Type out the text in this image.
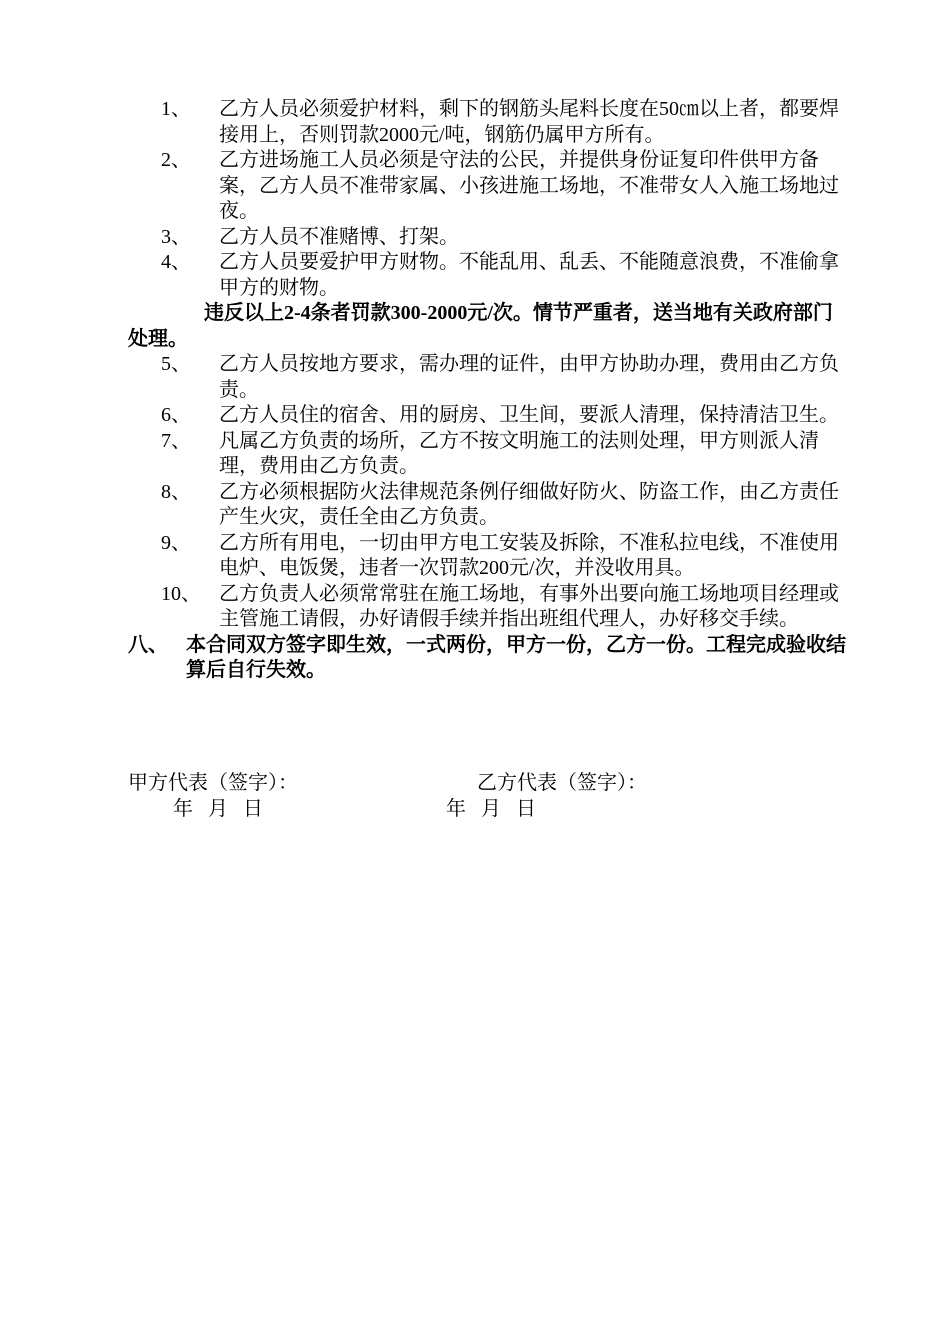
1、 乙方人员必须爱护材料，剩下的钢筋头尾料长度在50㎝以上者，都要焊接用上，否则罚款2000元/吨，钢筋仍属甲方所有。
2、 乙方进场施工人员必须是守法的公民，并提供身份证复印件供甲方备案，乙方人员不准带家属、小孩进施工场地，不准带女人入施工场地过夜。
3、 乙方人员不准赌博、打架。
4、 乙方人员要爱护甲方财物。不能乱用、乱丢、不能随意浪费，不准偷拿甲方的财物。

违反以上2-4条者罚款300-2000元/次。情节严重者，送当地有关政府部门处理。

5、 乙方人员按地方要求，需办理的证件，由甲方协助办理，费用由乙方负责。
6、 乙方人员住的宿舍、用的厨房、卫生间，要派人清理，保持清洁卫生。
7、 凡属乙方负责的场所，乙方不按文明施工的法则处理，甲方则派人清理，费用由乙方负责。
8、 乙方必须根据防火法律规范条例仔细做好防火、防盗工作，由乙方责任产生火灾，责任全由乙方负责。
9、 乙方所有用电，一切由甲方电工安装及拆除，不准私拉电线，不准使用电炉、电饭煲，违者一次罚款200元/次，并没收用具。
10、 乙方负责人必须常常驻在施工场地，有事外出要向施工场地项目经理或主管施工请假，办好请假手续并指出班组代理人，办好移交手续。
八、 本合同双方签字即生效，一式两份，甲方一份，乙方一份。工程完成验收结算后自行失效。
甲方代表（签字）：	乙方代表（签字）：
年   月   日	年   月   日
